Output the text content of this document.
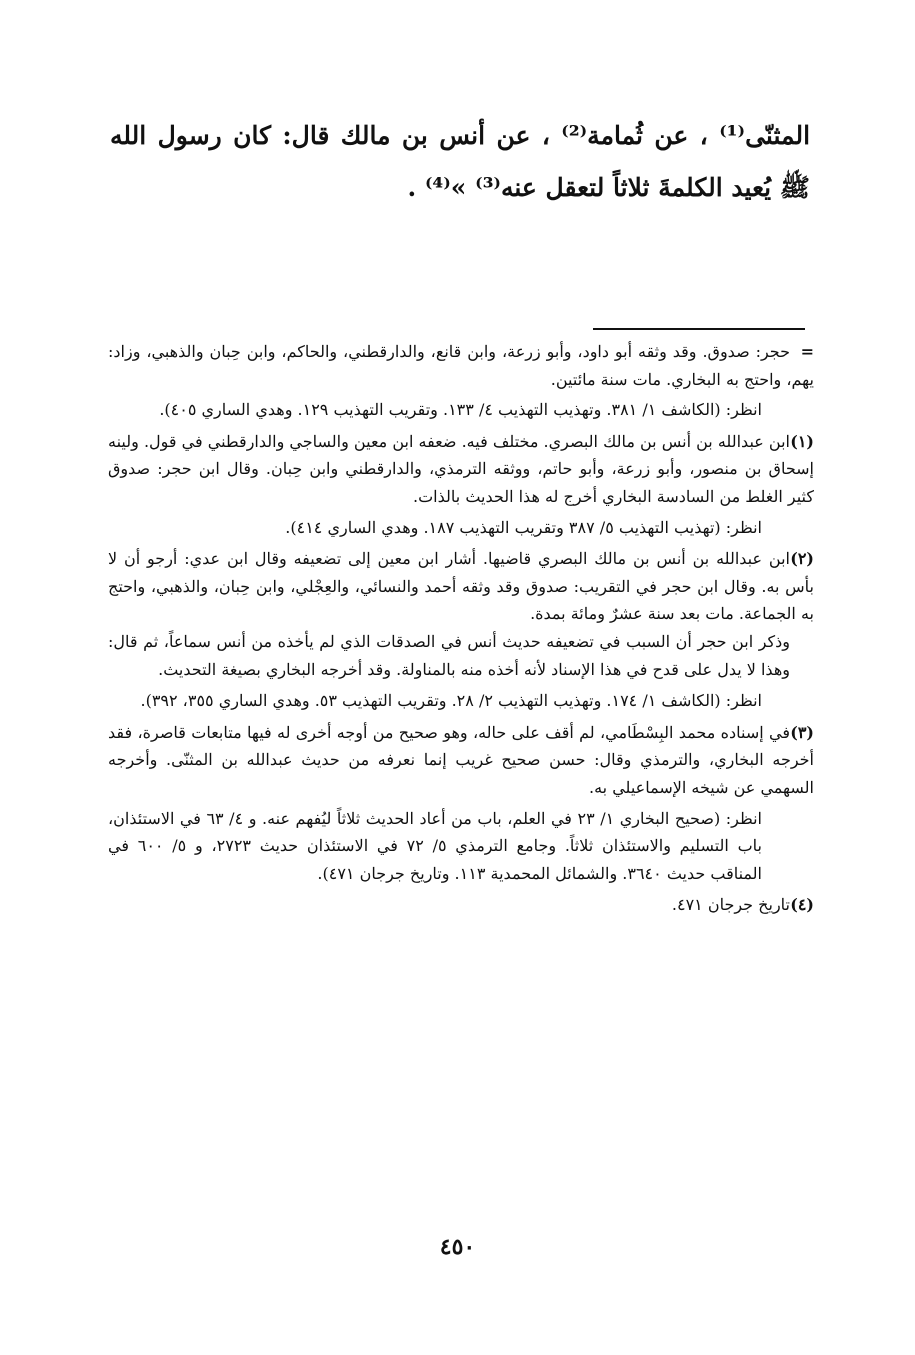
المثنّى⁽¹⁾ ، عن ثُمامة⁽²⁾ ، عن أنس بن مالك قال: كان رسول الله ﷺ يُعيد الكلمةَ ثلاثاً لتعقل عنه⁽³⁾ »⁽⁴⁾ .

=حجر: صدوق. وقد وثقه أبو داود، وأبو زرعة، وابن قانع، والدارقطني، والحاكم، وابن حِبان والذهبي، وزاد: يهم، واحتج به البخاري. مات سنة مائتين.

انظر: (الكاشف ١/ ٣٨١. وتهذيب التهذيب ٤/ ١٣٣. وتقريب التهذيب ١٢٩. وهدي الساري ٤٠٥).

(١)ابن عبدالله بن أنس بن مالك البصري. مختلف فيه. ضعفه ابن معين والساجي والدارقطني في قول. ولينه إسحاق بن منصور، وأبو زرعة، وأبو حاتم، ووثقه الترمذي، والدارقطني وابن حِبان. وقال ابن حجر: صدوق كثير الغلط من السادسة البخاري أخرج له هذا الحديث بالذات.

انظر: (تهذيب التهذيب ٥/ ٣٨٧ وتقريب التهذيب ١٨٧. وهدي الساري ٤١٤).

(٢)ابن عبدالله بن أنس بن مالك البصري قاضيها. أشار ابن معين إلى تضعيفه وقال ابن عدي: أرجو أن لا بأس به. وقال ابن حجر في التقريب: صدوق وقد وثقه أحمد والنسائي، والعِجْلي، وابن حِبان، والذهبي، واحتج به الجماعة. مات بعد سنة عشرٌ ومائة بمدة.

وذكر ابن حجر أن السبب في تضعيفه حديث أنس في الصدقات الذي لم يأخذه من أنس سماعاً، ثم قال: وهذا لا يدل على قدح في هذا الإسناد لأنه أخذه منه بالمناولة. وقد أخرجه البخاري بصيغة التحديث.

انظر: (الكاشف ١/ ١٧٤. وتهذيب التهذيب ٢/ ٢٨. وتقريب التهذيب ٥٣. وهدي الساري ٣٥٥، ٣٩٢).

(٣)في إسناده محمد البِسْطَامي، لم أقف على حاله، وهو صحيح من أوجه أخرى له فيها متابعات قاصرة، فقد أخرجه البخاري، والترمذي وقال: حسن صحيح غريب إنما نعرفه من حديث عبدالله بن المثنّى. وأخرجه السهمي عن شيخه الإسماعيلي به.

انظر: (صحيح البخاري ١/ ٢٣ في العلم، باب من أعاد الحديث ثلاثاً ليُفهم عنه. و ٤/ ٦٣ في الاستئذان، باب التسليم والاستئذان ثلاثاً. وجامع الترمذي ٥/ ٧٢ في الاستئذان حديث ٢٧٢٣، و ٥/ ٦٠٠ في المناقب حديث ٣٦٤٠. والشمائل المحمدية ١١٣. وتاريخ جرجان ٤٧١).

(٤)تاريخ جرجان ٤٧١.

٤٥٠
